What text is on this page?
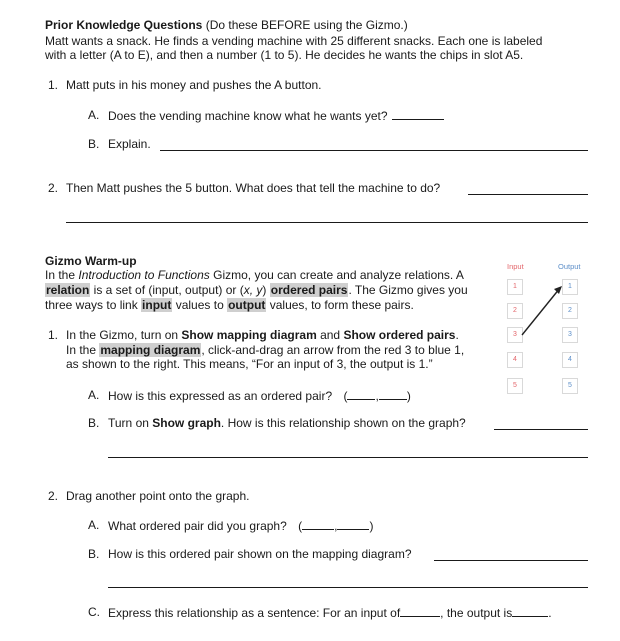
Prior Knowledge Questions (Do these BEFORE using the Gizmo.)
Matt wants a snack. He finds a vending machine with 25 different snacks. Each one is labeled
with a letter (A to E), and then a number (1 to 5). He decides he wants the chips in slot A5.
1. Matt puts in his money and pushes the A button.
A. Does the vending machine know what he wants yet?
B. Explain.
2. Then Matt pushes the 5 button. What does that tell the machine to do?
Gizmo Warm-up
In the Introduction to Functions Gizmo, you can create and analyze relations. A
relation is a set of (input, output) or (x, y) ordered pairs. The Gizmo gives you
three ways to link input values to output values, to form these pairs.
1. In the Gizmo, turn on Show mapping diagram and Show ordered pairs.
In the mapping diagram, click-and-drag an arrow from the red 3 to blue 1,
as shown to the right. This means, “For an input of 3, the output is 1.”
A. How is this expressed as an ordered pair? ( , )
B. Turn on Show graph. How is this relationship shown on the graph?
2. Drag another point onto the graph.
A. What ordered pair did you graph? (	,	)
B. How is this ordered pair shown on the mapping diagram?
C. Express this relationship as a sentence: For an input of	, the output is	.
Input	Output
1
2
3
4
5
1
2
3
4
5
